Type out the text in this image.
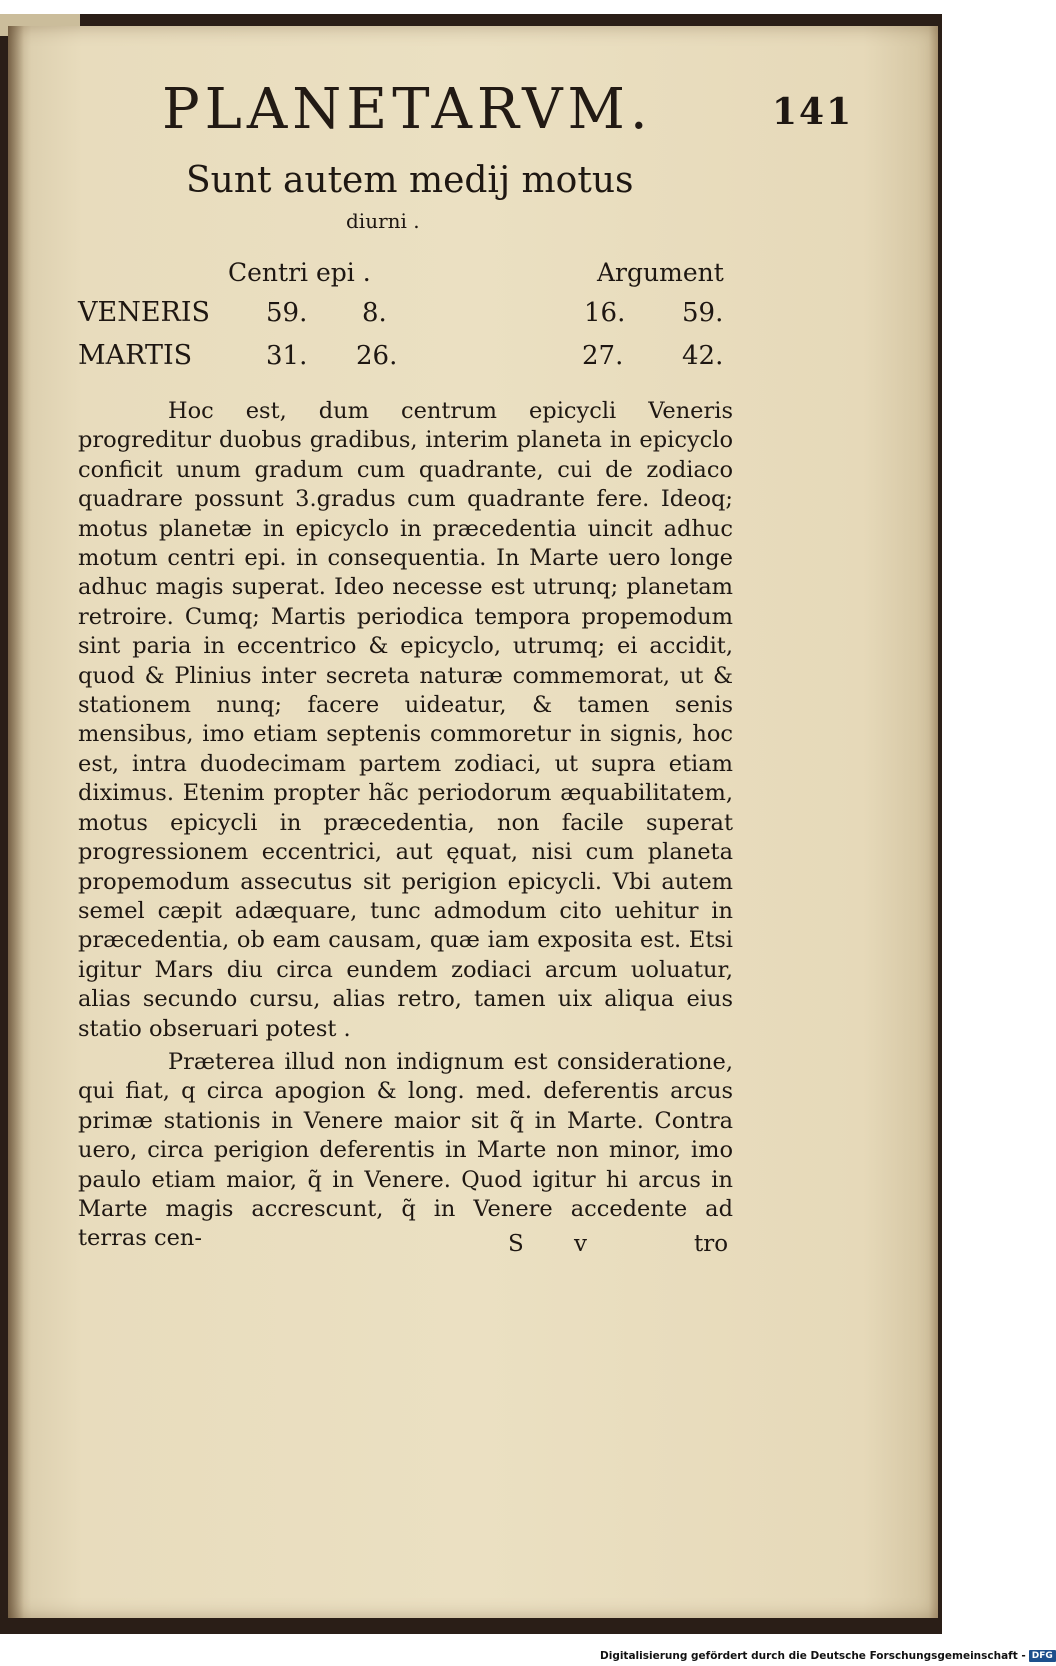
PLANETARVM.	141
Sunt autem medij motus
diurni .
Centri epi .	Argument
VENERIS 59. 8.	16. 59.
MARTIS	31. 26.	27. 42.

Hoc est, dum centrum epicycli Veneris progreditur duobus gradibus, interim planeta in epicyclo conficit unum gradum cum quadrante, cui de zodiaco quadrare possunt 3.gradus cum quadrante fere. Ideoq; motus planetæ in epicyclo in præcedentia uincit adhuc motum centri epi. in consequentia. In Marte uero longe adhuc magis superat. Ideo necesse est utrunq; planetam retroire. Cumq; Martis periodica tempora propemodum sint paria in eccentrico & epicyclo, utrumq; ei accidit, quod & Plinius inter secreta naturæ commemorat, ut & stationem nunq; facere uideatur, & tamen senis mensibus, imo etiam septenis commoretur in signis, hoc est, intra duodecimam partem zodiaci, ut supra etiam diximus. Etenim propter hãc periodorum æquabilitatem, motus epicycli in præcedentia, non facile superat progressionem eccentrici, aut ęquat, nisi cum planeta propemodum assecutus sit perigion epicycli. Vbi autem semel cæpit adæquare, tunc admodum cito uehitur in præcedentia, ob eam causam, quæ iam exposita est. Etsi igitur Mars diu circa eundem zodiaci arcum uoluatur, alias secundo cursu, alias retro, tamen uix aliqua eius statio obseruari potest .

Præterea illud non indignum est consideratione, qui fiat, q circa apogion & long. med. deferentis arcus primæ stationis in Venere maior sit q̃ in Marte. Contra uero, circa perigion deferentis in Marte non minor, imo paulo etiam maior, q̃ in Venere. Quod igitur hi arcus in Marte magis accrescunt, q̃ in Venere accedente ad terras cen-	S v	tro
Digitalisierung gefördert durch die Deutsche Forschungsgemeinschaft - DFG
